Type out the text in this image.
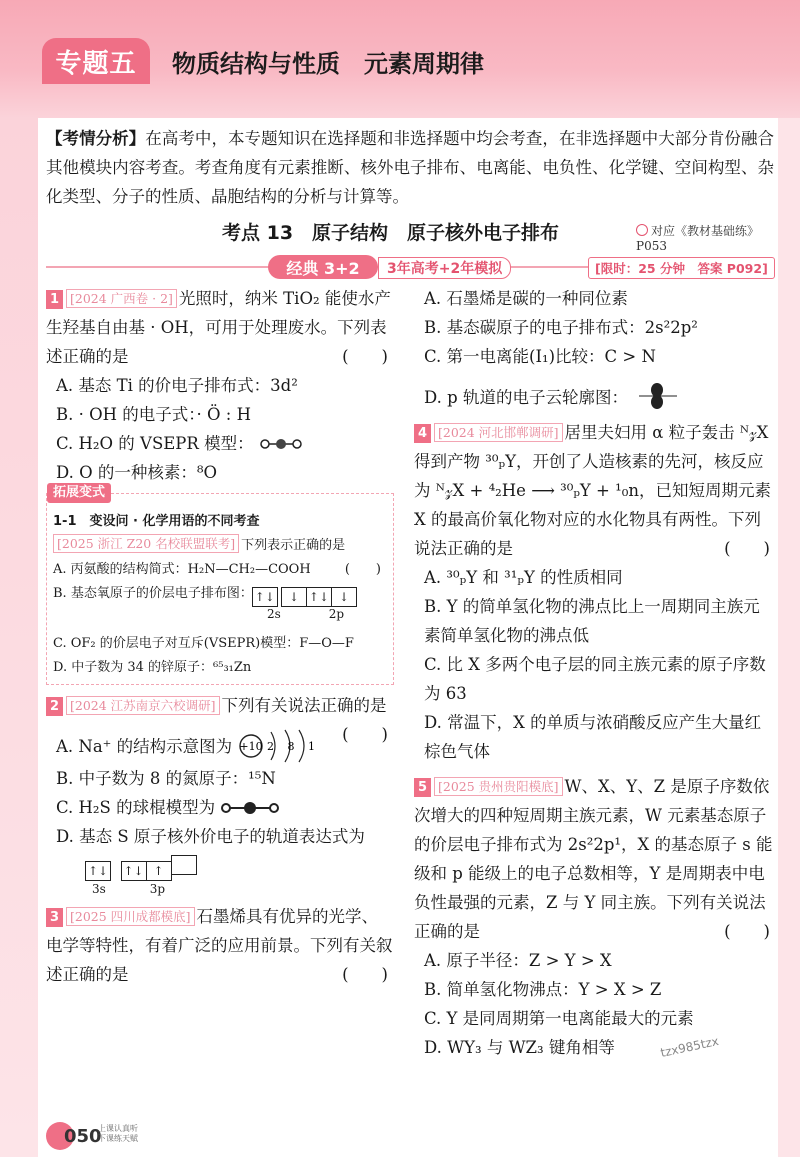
专题五 物质结构与性质　元素周期律
【考情分析】在高考中，本专题知识在选择题和非选择题中均会考查，在非选择题中大部分肯份融合其他模块内容考查。考查角度有元素推断、核外电子排布、电离能、电负性、化学键、空间构型、杂化类型、分子的性质、晶胞结构的分析与计算等。
考点 13　原子结构　原子核外电子排布	对应《教材基础练》P053
经典 3+2	3年高考+2年模拟	[限时：25 分钟　答案 P092]
1 [2024 广西卷 · 2] 光照时，纳米 TiO₂ 能使水产生羟基自由基 · OH，可用于处理废水。下列表述正确的是	(　　)
A. 基态 Ti 的价电子排布式：3d²
B. · OH 的电子式：· Ö : H
C. H₂O 的 VSEPR 模型：
D. O 的一种核素：⁸O
拓展变式
1-1　变设问 · 化学用语的不同考查 [2025 浙江 Z20 名校联盟联考] 下列表示正确的是
(　　)
A. 丙氨酸的结构简式：H₂N—CH₂—COOH
B. 基态氧原子的价层电子排布图： ↑↓ ↓ ↑↓ ↓
2s	2p
C. OF₂ 的价层电子对互斥(VSEPR)模型：F—O—F
D. 中子数为 34 的锌原子：⁶⁵₃₁Zn
2 [2024 江苏南京六校调研] 下列有关说法正确的是
(　　)
A. Na⁺ 的结构示意图为 +10 2 8 1
B. 中子数为 8 的氮原子：¹⁵N
C. H₂S 的球棍模型为
D. 基态 S 原子核外价电子的轨道表达式为
↑↓ ↑↓ ↑
3s	3p
3 [2025 四川成都模底] 石墨烯具有优异的光学、电学等特性，有着广泛的应用前景。下列有关叙述正确的是	(　　)
A. 石墨烯是碳的一种同位素
B. 基态碳原子的电子排布式：2s²2p²
C. 第一电离能(I₁)比较：C > N
D. p 轨道的电子云轮廓图：
4 [2024 河北邯郸调研] 居里夫妇用 α 粒子轰击 ᴺ𝓏X 得到产物 ³⁰ₚY，开创了人造核素的先河，核反应为 ᴺ𝓏X + ⁴₂He ⟶ ³⁰ₚY + ¹₀n，已知短周期元素 X 的最高价氧化物对应的水化物具有两性。下列说法正确的是	(　　)
A. ³⁰ₚY 和 ³¹ₚY 的性质相同
B. Y 的简单氢化物的沸点比上一周期同主族元素简单氢化物的沸点低
C. 比 X 多两个电子层的同主族元素的原子序数为 63
D. 常温下，X 的单质与浓硝酸反应产生大量红棕色气体
5 [2025 贵州贵阳模底] W、X、Y、Z 是原子序数依次增大的四种短周期主族元素，W 元素基态原子的价层电子排布式为 2s²2p¹，X 的基态原子 s 能级和 p 能级上的电子总数相等，Y 是周期表中电负性最强的元素，Z 与 Y 同主族。下列有关说法正确的是	(　　)
A. 原子半径：Z > Y > X
B. 简单氢化物沸点：Y > X > Z
C. Y 是同周期第一电离能最大的元素
D. WY₃ 与 WZ₃ 键角相等
050
上课认真听 下课练天赋
tzx985tzx
